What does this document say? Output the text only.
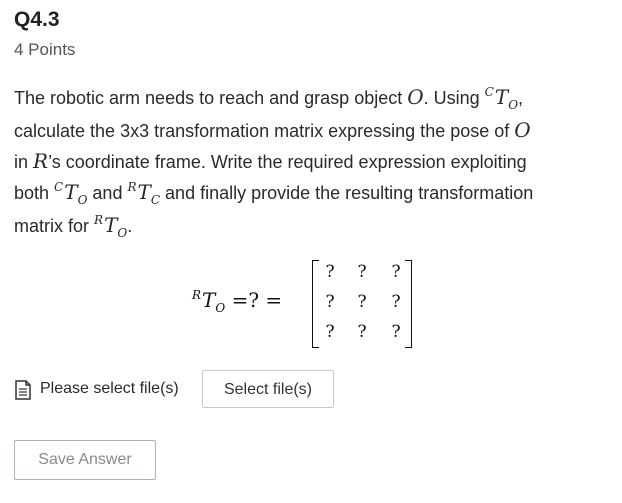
Q4.3
4 Points
The robotic arm needs to reach and grasp object O. Using $^CT_O$,
calculate the 3x3 transformation matrix expressing the pose of O
in R’s coordinate frame. Write the required expression exploiting
both $^CT_O$ and $^RT_C$ and finally provide the resulting transformation
matrix for $^RT_O$.
$^RT_O$ =? =
?	?	?
?	?	?
?	?	?
Please select file(s)	Select file(s)
Save Answer
